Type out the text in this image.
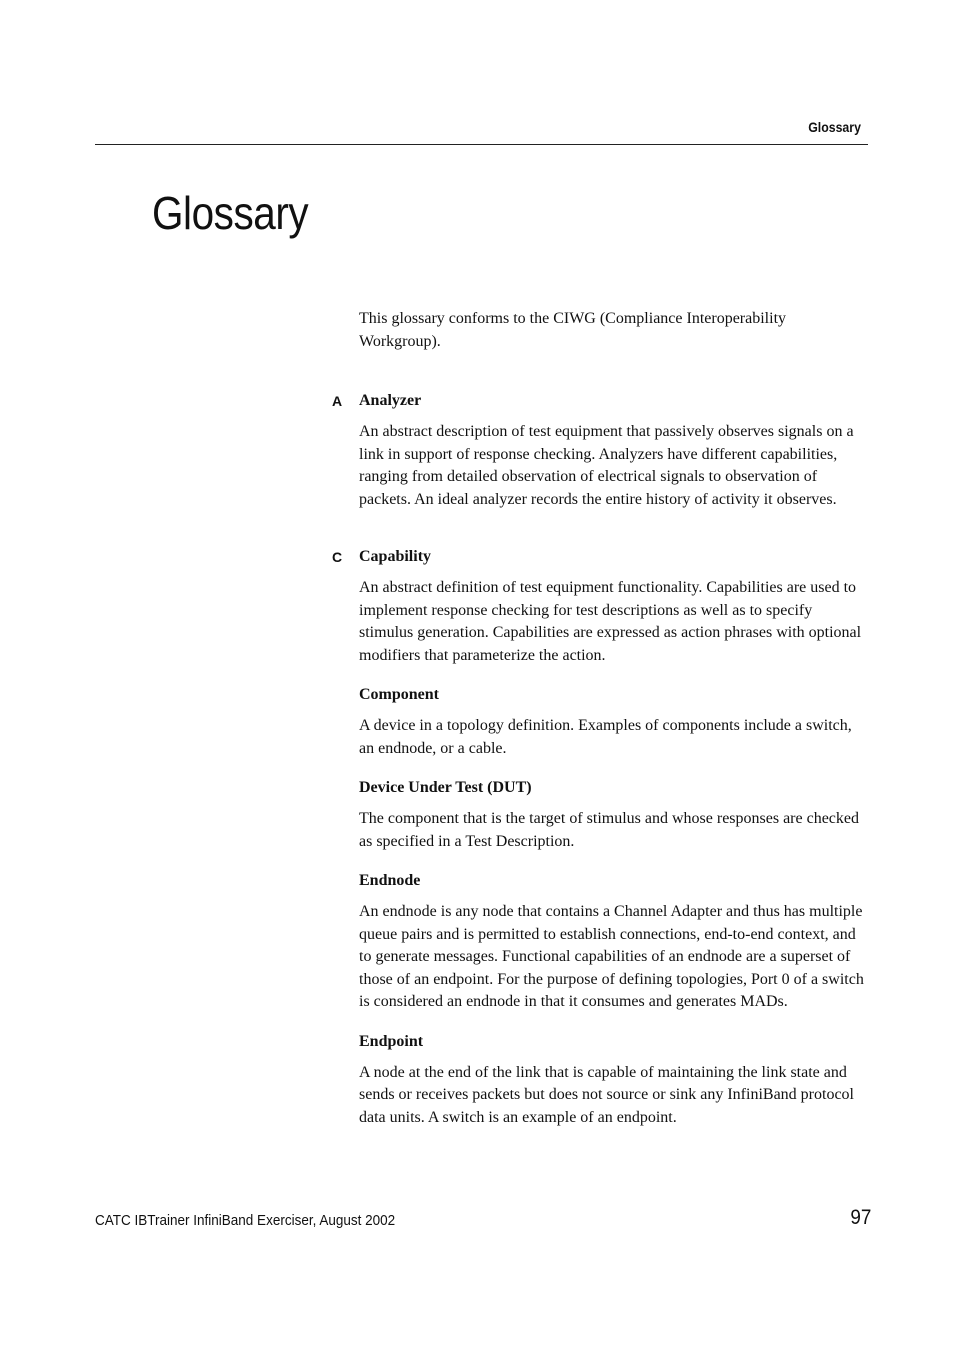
Glossary
Glossary

This glossary conforms to the CIWG (Compliance Interoperability Workgroup).

A Analyzer

An abstract description of test equipment that passively observes signals on a link in support of response checking. Analyzers have different capabilities, ranging from detailed observation of electrical signals to observation of packets. An ideal analyzer records the entire history of activity it observes.

C Capability

An abstract definition of test equipment functionality. Capabilities are used to implement response checking for test descriptions as well as to specify stimulus generation. Capabilities are expressed as action phrases with optional modifiers that parameterize the action.

Component

A device in a topology definition. Examples of components include a switch, an endnode, or a cable.

Device Under Test (DUT)

The component that is the target of stimulus and whose responses are checked as specified in a Test Description.

Endnode

An endnode is any node that contains a Channel Adapter and thus has multiple queue pairs and is permitted to establish connections, end-to-end context, and to generate messages. Functional capabilities of an endnode are a superset of those of an endpoint. For the purpose of defining topologies, Port 0 of a switch is considered an endnode in that it consumes and generates MADs.

Endpoint

A node at the end of the link that is capable of maintaining the link state and sends or receives packets but does not source or sink any InfiniBand protocol data units. A switch is an example of an endpoint.

CATC IBTrainer InfiniBand Exerciser, August 2002	97
